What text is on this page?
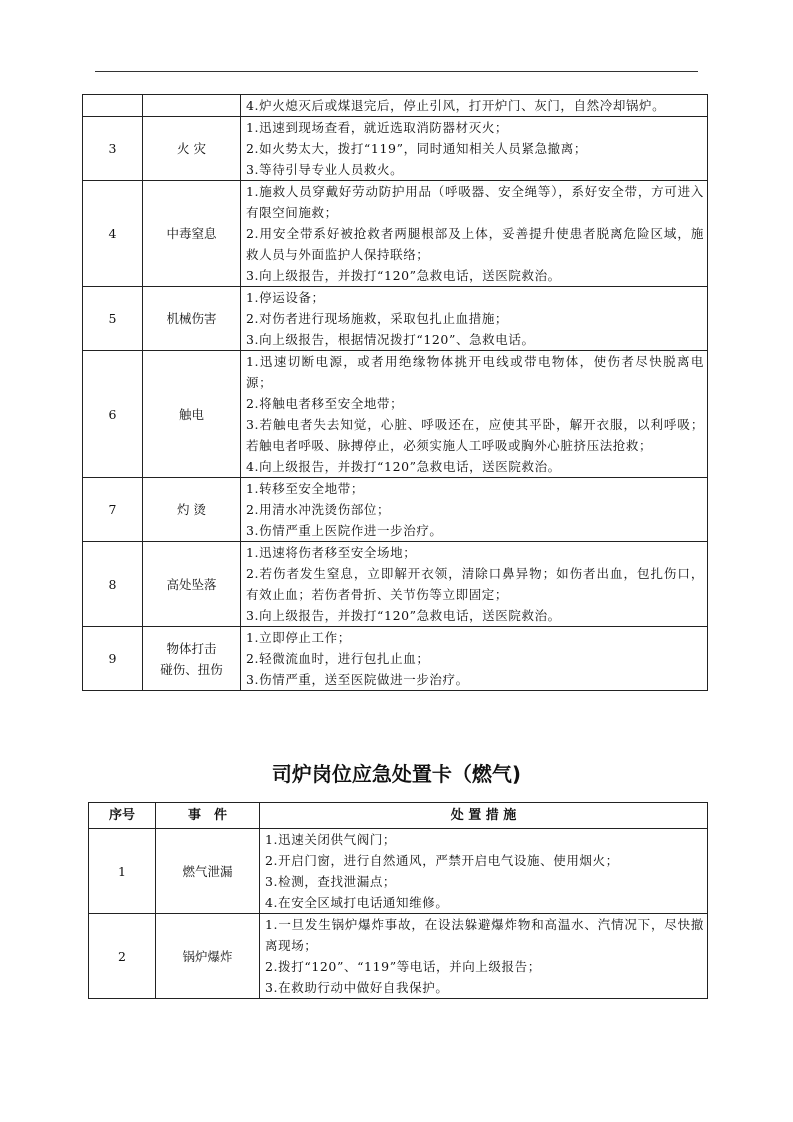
		4.炉火熄灭后或煤退完后，停止引风，打开炉门、灰门，自然冷却锅炉。

3	火 灾	1.迅速到现场查看，就近选取消防器材灭火；
2.如火势太大，拨打“119”，同时通知相关人员紧急撤离；
3.等待引导专业人员救火。

4	中毒窒息	1.施救人员穿戴好劳动防护用品（呼吸器、安全绳等），系好安全带，方可进入有限空间施救；
2.用安全带系好被抢救者两腿根部及上体，妥善提升使患者脱离危险区域，施救人员与外面监护人保持联络；
3.向上级报告，并拨打“120”急救电话，送医院救治。

5	机械伤害	1.停运设备；
2.对伤者进行现场施救，采取包扎止血措施；
3.向上级报告，根据情况拨打“120”、急救电话。

6	触电	1.迅速切断电源，或者用绝缘物体挑开电线或带电物体，使伤者尽快脱离电源；
2.将触电者移至安全地带；
3.若触电者失去知觉，心脏、呼吸还在，应使其平卧，解开衣服，以利呼吸；若触电者呼吸、脉搏停止，必须实施人工呼吸或胸外心脏挤压法抢救；
4.向上级报告，并拨打“120”急救电话，送医院救治。

7	灼 烫	1.转移至安全地带；
2.用清水冲洗烫伤部位；
3.伤情严重上医院作进一步治疗。

8	高处坠落	1.迅速将伤者移至安全场地；
2.若伤者发生窒息，立即解开衣领，清除口鼻异物；如伤者出血，包扎伤口，有效止血；若伤者骨折、关节伤等立即固定；
3.向上级报告，并拨打“120”急救电话，送医院救治。

9	物体打击
碰伤、扭伤	1.立即停止工作；
2.轻微流血时，进行包扎止血；
3.伤情严重，送至医院做进一步治疗。
司炉岗位应急处置卡（燃气)
序号	事　件	处 置 措 施
1	燃气泄漏	1.迅速关闭供气阀门；
2.开启门窗，进行自然通风，严禁开启电气设施、使用烟火；
3.检测，查找泄漏点；
4.在安全区域打电话通知维修。

2	锅炉爆炸	1.一旦发生锅炉爆炸事故，在设法躲避爆炸物和高温水、汽情况下，尽快撤离现场；
2.拨打“120”、“119”等电话，并向上级报告；
3.在救助行动中做好自我保护。
